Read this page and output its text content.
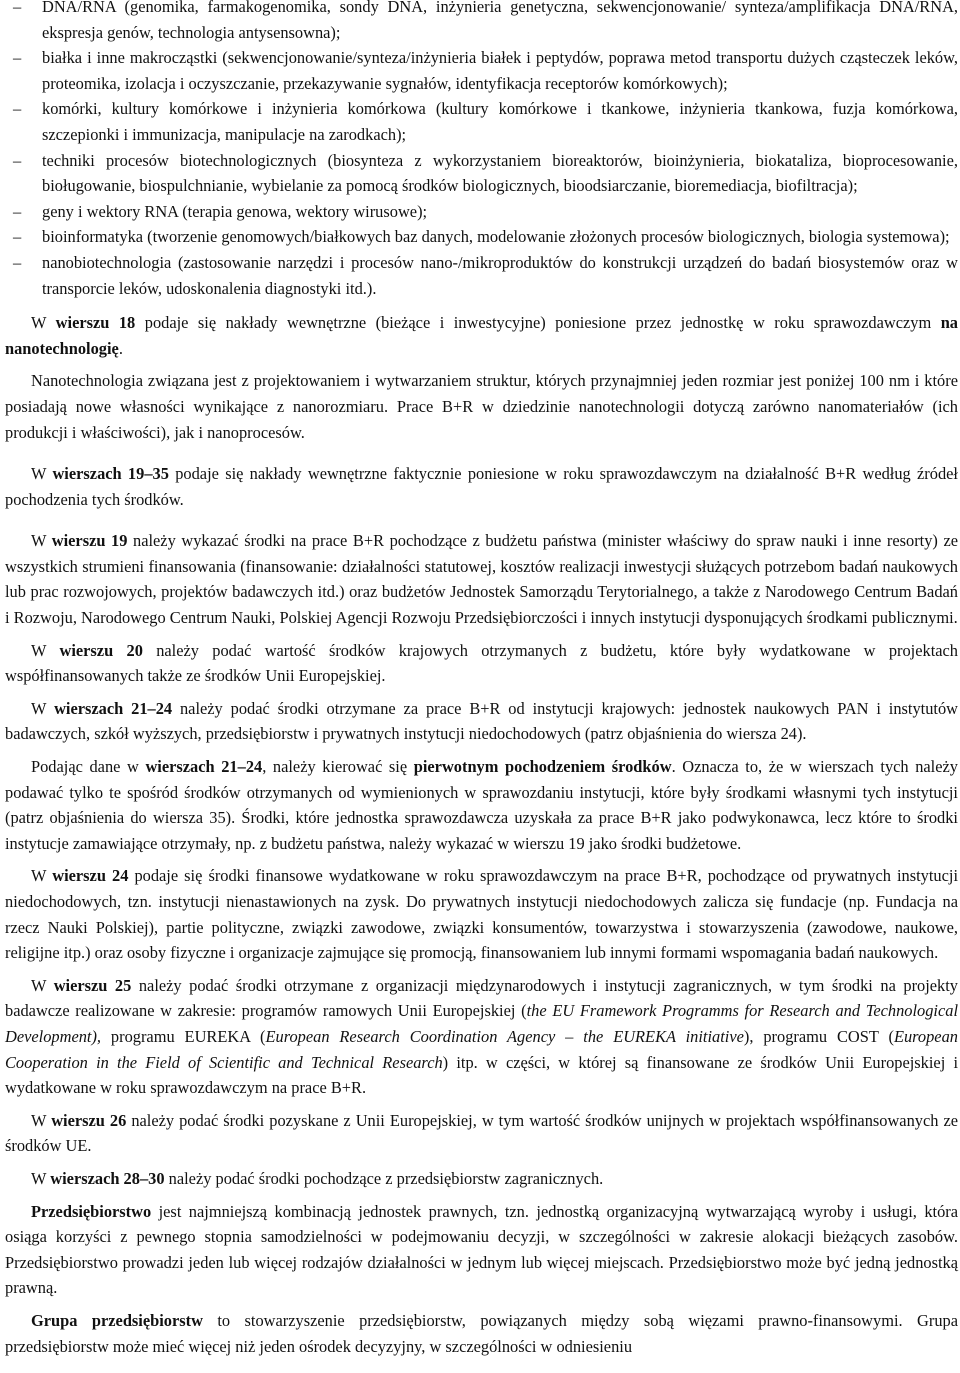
– DNA/RNA (genomika, farmakogenomika, sondy DNA, inżynieria genetyczna, sekwencjonowanie/ synteza/amplifikacja DNA/RNA, ekspresja genów, technologia antysensowna);
– białka i inne makrocząstki (sekwencjonowanie/synteza/inżynieria białek i peptydów, poprawa metod transportu dużych cząsteczek leków, proteomika, izolacja i oczyszczanie, przekazywanie sygnałów, identyfikacja receptorów komórkowych);
– komórki, kultury komórkowe i inżynieria komórkowa (kultury komórkowe i tkankowe, inżynieria tkankowa, fuzja komórkowa, szczepionki i immunizacja, manipulacje na zarodkach);
– techniki procesów biotechnologicznych (biosynteza z wykorzystaniem bioreaktorów, bioinżynieria, biokataliza, bioprocesowanie, bioługowanie, biospulchnianie, wybielanie za pomocą środków biologicznych, bioodsiarczanie, bioremediacja, biofiltracja);
– geny i wektory RNA (terapia genowa, wektory wirusowe);
– bioinformatyka (tworzenie genomowych/białkowych baz danych, modelowanie złożonych procesów biologicznych, biologia systemowa);
– nanobiotechnologia (zastosowanie narzędzi i procesów nano-/mikroproduktów do konstrukcji urządzeń do badań biosystemów oraz w transporcie leków, udoskonalenia diagnostyki itd.).

W wierszu 18 podaje się nakłady wewnętrzne (bieżące i inwestycyjne) poniesione przez jednostkę w roku sprawozdawczym na nanotechnologię.

Nanotechnologia związana jest z projektowaniem i wytwarzaniem struktur, których przynajmniej jeden rozmiar jest poniżej 100 nm i które posiadają nowe własności wynikające z nanorozmiaru. Prace B+R w dziedzinie nanotechnologii dotyczą zarówno nanomateriałów (ich produkcji i właściwości), jak i nanoprocesów.

W wierszach 19–35 podaje się nakłady wewnętrzne faktycznie poniesione w roku sprawozdawczym na działalność B+R według źródeł pochodzenia tych środków.

W wierszu 19 należy wykazać środki na prace B+R pochodzące z budżetu państwa (minister właściwy do spraw nauki i inne resorty) ze wszystkich strumieni finansowania (finansowanie: działalności statutowej, kosztów realizacji inwestycji służących potrzebom badań naukowych lub prac rozwojowych, projektów badawczych itd.) oraz budżetów Jednostek Samorządu Terytorialnego, a także z Narodowego Centrum Badań i Rozwoju, Narodowego Centrum Nauki, Polskiej Agencji Rozwoju Przedsiębiorczości i innych instytucji dysponujących środkami publicznymi.

W wierszu 20 należy podać wartość środków krajowych otrzymanych z budżetu, które były wydatkowane w projektach współfinansowanych także ze środków Unii Europejskiej.

W wierszach 21–24 należy podać środki otrzymane za prace B+R od instytucji krajowych: jednostek naukowych PAN i instytutów badawczych, szkół wyższych, przedsiębiorstw i prywatnych instytucji niedochodowych (patrz objaśnienia do wiersza 24).

Podając dane w wierszach 21–24, należy kierować się pierwotnym pochodzeniem środków. Oznacza to, że w wierszach tych należy podawać tylko te spośród środków otrzymanych od wymienionych w sprawozdaniu instytucji, które były środkami własnymi tych instytucji (patrz objaśnienia do wiersza 35). Środki, które jednostka sprawozdawcza uzyskała za prace B+R jako podwykonawca, lecz które to środki instytucje zamawiające otrzymały, np. z budżetu państwa, należy wykazać w wierszu 19 jako środki budżetowe.

W wierszu 24 podaje się środki finansowe wydatkowane w roku sprawozdawczym na prace B+R, pochodzące od prywatnych instytucji niedochodowych, tzn. instytucji nienastawionych na zysk. Do prywatnych instytucji niedochodowych zalicza się fundacje (np. Fundacja na rzecz Nauki Polskiej), partie polityczne, związki zawodowe, związki konsumentów, towarzystwa i stowarzyszenia (zawodowe, naukowe, religijne itp.) oraz osoby fizyczne i organizacje zajmujące się promocją, finansowaniem lub innymi formami wspomagania badań naukowych.

W wierszu 25 należy podać środki otrzymane z organizacji międzynarodowych i instytucji zagranicznych, w tym środki na projekty badawcze realizowane w zakresie: programów ramowych Unii Europejskiej (the EU Framework Programms for Research and Technological Development), programu EUREKA (European Research Coordination Agency – the EUREKA initiative), programu COST (European Cooperation in the Field of Scientific and Technical Research) itp. w części, w której są finansowane ze środków Unii Europejskiej i wydatkowane w roku sprawozdawczym na prace B+R.

W wierszu 26 należy podać środki pozyskane z Unii Europejskiej, w tym wartość środków unijnych w projektach współfinansowanych ze środków UE.

W wierszach 28–30 należy podać środki pochodzące z przedsiębiorstw zagranicznych.

Przedsiębiorstwo jest najmniejszą kombinacją jednostek prawnych, tzn. jednostką organizacyjną wytwarzającą wyroby i usługi, która osiąga korzyści z pewnego stopnia samodzielności w podejmowaniu decyzji, w szczególności w zakresie alokacji bieżących zasobów. Przedsiębiorstwo prowadzi jeden lub więcej rodzajów działalności w jednym lub więcej miejscach. Przedsiębiorstwo może być jedną jednostką prawną.

Grupa przedsiębiorstw to stowarzyszenie przedsiębiorstw, powiązanych między sobą więzami prawno-finansowymi. Grupa przedsiębiorstw może mieć więcej niż jeden ośrodek decyzyjny, w szczególności w odniesieniu
